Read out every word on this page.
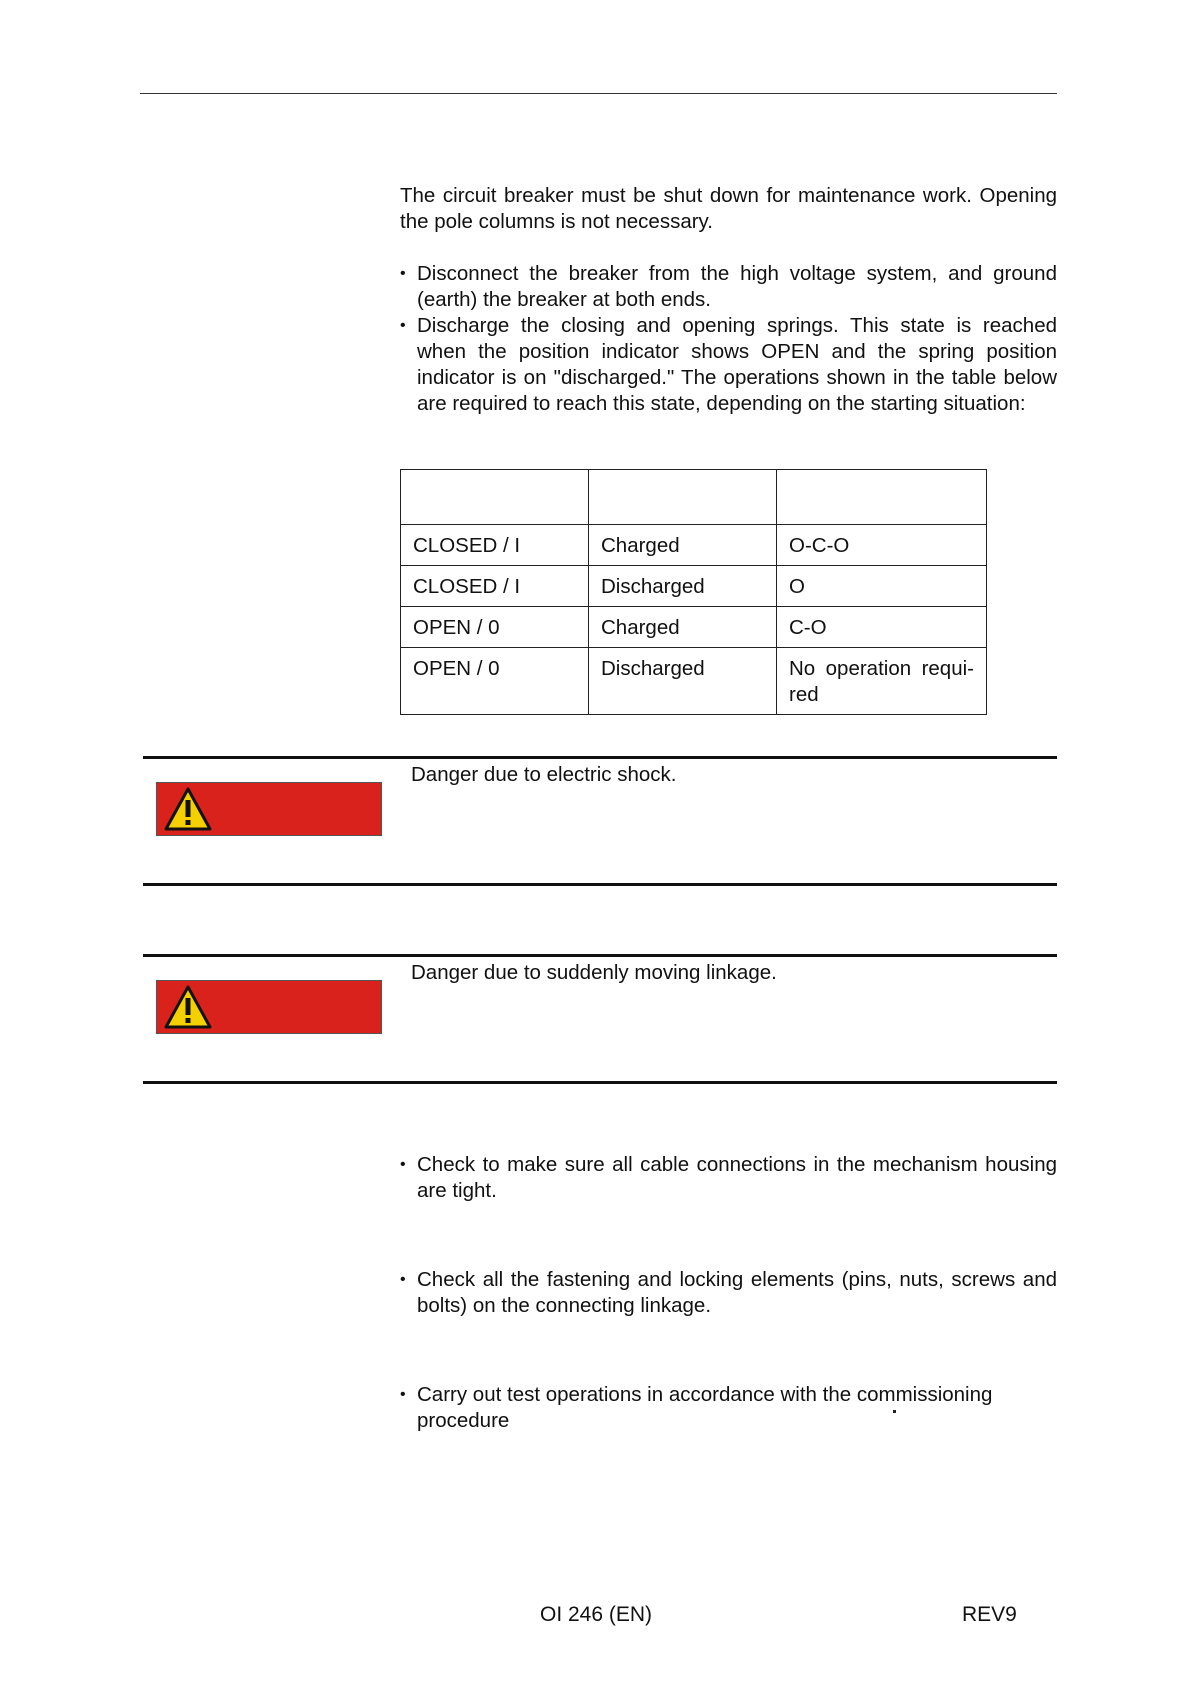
The circuit breaker must be shut down for maintenance work. Opening the pole columns is not necessary.

• Disconnect the breaker from the high voltage system, and ground (earth) the breaker at both ends.
• Discharge the closing and opening springs. This state is reached when the position indicator shows OPEN and the spring position indicator is on "discharged." The operations shown in the table below are required to reach this state, depending on the starting situation:

CLOSED / I	Charged	O-C-O
CLOSED / I	Discharged	O
OPEN / 0	Charged	C-O
OPEN / 0	Discharged	No operation requi-red
Danger due to electric shock.
Danger due to suddenly moving linkage.
• Check to make sure all cable connections in the mechanism housing are tight.
• Check all the fastening and locking elements (pins, nuts, screws and bolts) on the connecting linkage.
• Carry out test operations in accordance with the commissioning procedure
OI 246 (EN)	REV9
